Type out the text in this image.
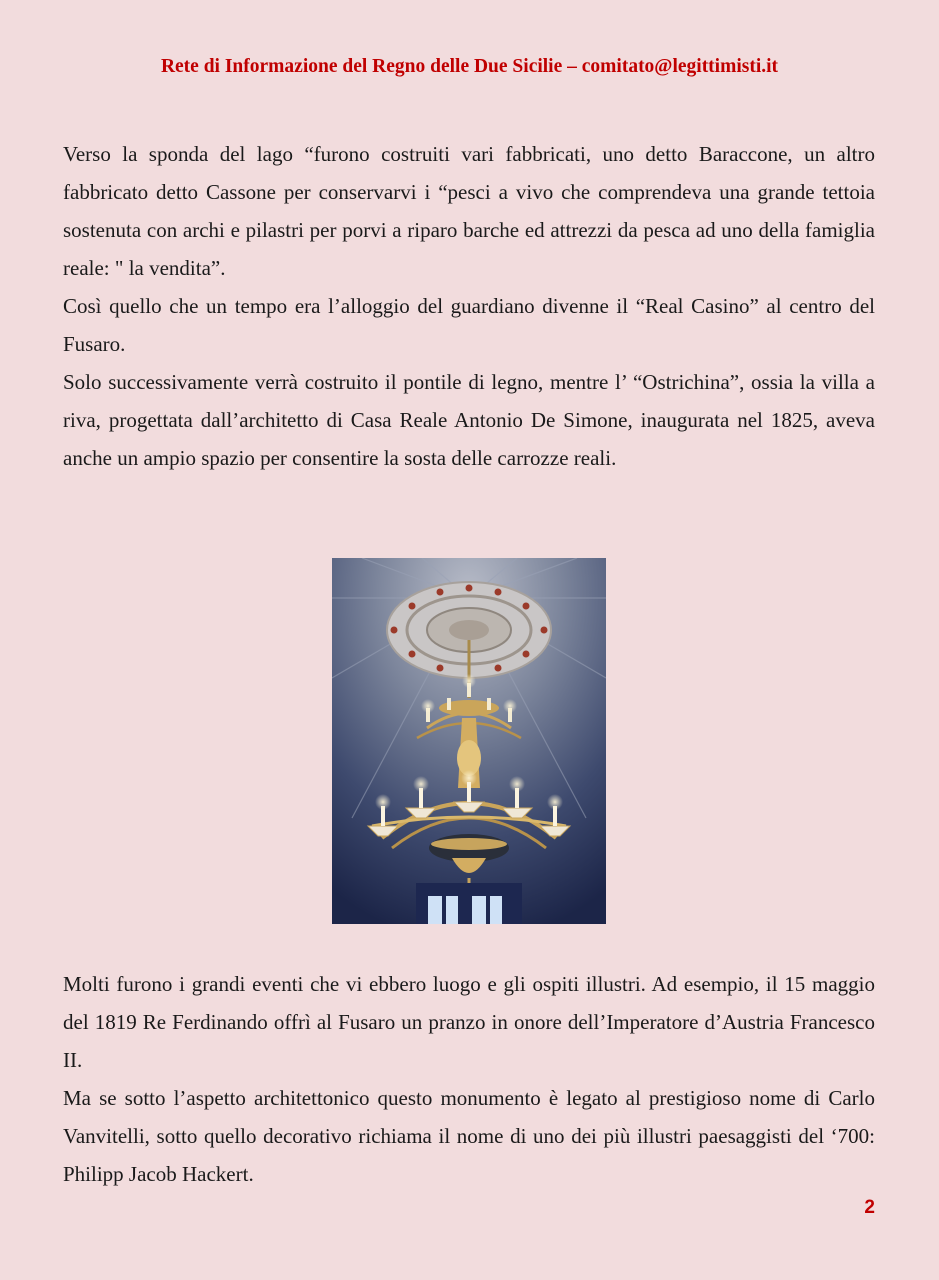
Rete di Informazione del Regno delle Due Sicilie – comitato@legittimisti.it

Verso la sponda del lago “furono costruiti vari fabbricati, uno detto Baraccone, un altro fabbricato detto Cassone per conservarvi i “pesci a vivo che comprendeva una grande tettoia sostenuta con archi e pilastri per porvi a riparo barche ed attrezzi da pesca ad uno della famiglia reale: " la vendita”.

Così quello che un tempo era l’alloggio del guardiano divenne il “Real Casino” al centro del Fusaro.

Solo successivamente verrà costruito il pontile di legno, mentre l’ “Ostrichina”, ossia la villa a riva, progettata dall’architetto di Casa Reale Antonio De Simone, inaugurata nel 1825, aveva anche un ampio spazio per consentire la sosta delle carrozze reali.

Molti furono i grandi eventi che vi ebbero luogo e gli ospiti illustri. Ad esempio, il 15 maggio del 1819 Re Ferdinando offrì al Fusaro un pranzo in onore dell’Imperatore d’Austria Francesco II.

Ma se sotto l’aspetto architettonico questo monumento è legato al prestigioso nome di Carlo Vanvitelli, sotto quello decorativo richiama il nome di uno dei più illustri paesaggisti del ‘700: Philipp Jacob Hackert.

2
